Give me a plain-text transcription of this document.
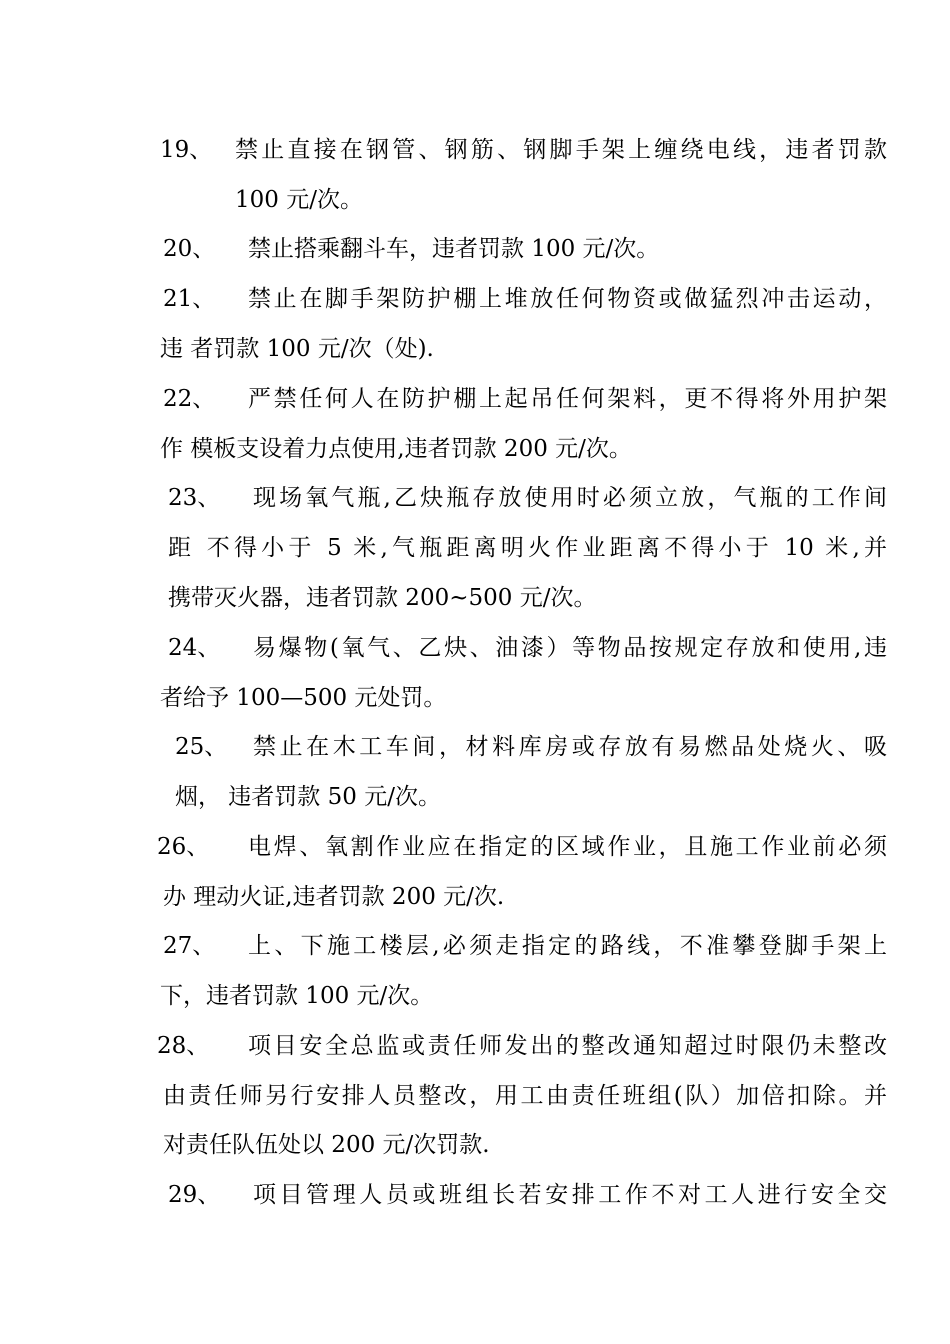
19、 禁止直接在钢管、钢筋、钢脚手架上缠绕电线，违者罚款
100 元/次。
20、 禁止搭乘翻斗车，违者罚款 100 元/次。
21、 禁止在脚手架防护棚上堆放任何物资或做猛烈冲击运动，
违 者罚款 100 元/次（处).
22、 严禁任何人在防护棚上起吊任何架料，更不得将外用护架
作 模板支设着力点使用,违者罚款 200 元/次。
23、 现场氧气瓶,乙炔瓶存放使用时必须立放，气瓶的工作间
距 不得小于 5 米,气瓶距离明火作业距离不得小于 10 米,并
携带灭火器，违者罚款 200~500 元/次。
24、 易爆物(氧气、乙炔、油漆）等物品按规定存放和使用,违
者给予 100—500 元处罚。
25、 禁止在木工车间，材料库房或存放有易燃品处烧火、吸
烟， 违者罚款 50 元/次。
26、 电焊、氧割作业应在指定的区域作业，且施工作业前必须
办 理动火证,违者罚款 200 元/次.
27、 上、下施工楼层,必须走指定的路线，不准攀登脚手架上
下，违者罚款 100 元/次。
28、 项目安全总监或责任师发出的整改通知超过时限仍未整改
由责任师另行安排人员整改，用工由责任班组(队）加倍扣除。并
对责任队伍处以 200 元/次罚款.
29、 项目管理人员或班组长若安排工作不对工人进行安全交
